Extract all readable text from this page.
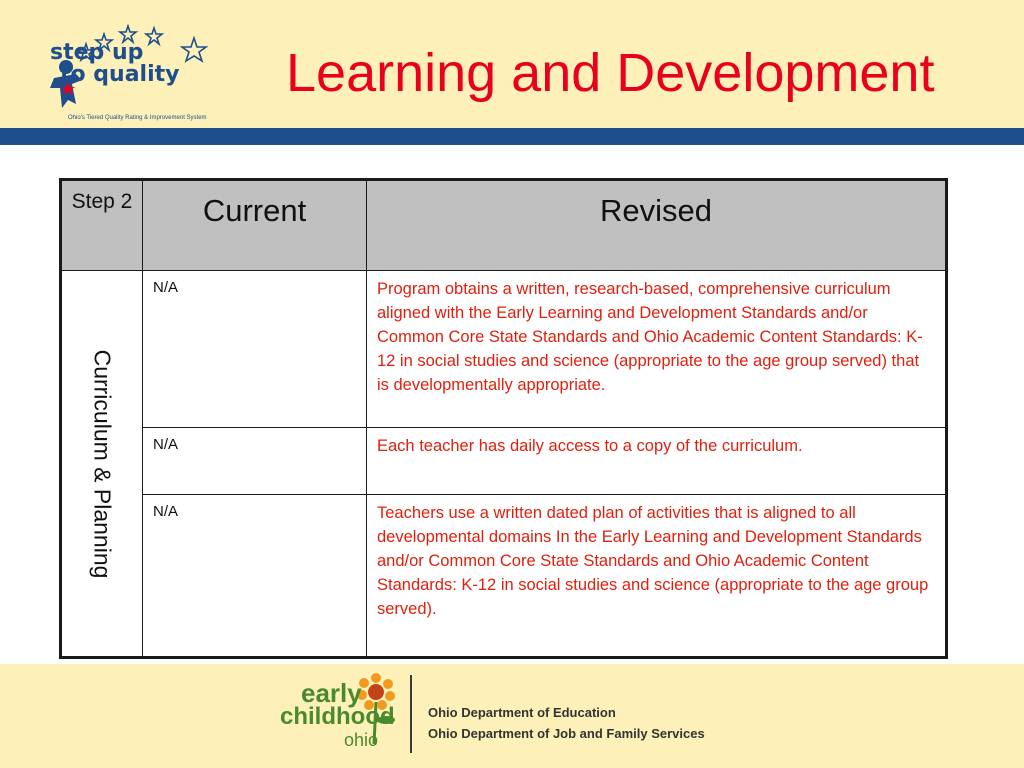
step up
to quality
Ohio's Tiered Quality Rating & Improvement System
Learning and Development
Step 2	Current	Revised

Curriculum & Planning	N/A	Program obtains a written, research-based, comprehensive curriculum aligned with the Early Learning and Development Standards and/or Common Core State Standards and Ohio Academic Content Standards: K-12 in social studies and science (appropriate to the age group served) that is developmentally appropriate.
	N/A	Each teacher has daily access to a copy of the curriculum.
	N/A	Teachers use a written dated plan of activities that is aligned to all developmental domains In the Early Learning and Development Standards and/or Common Core State Standards and Ohio Academic Content Standards: K-12 in social studies and science (appropriate to the age group served).
early
childhood
ohio
Ohio Department of Education
Ohio Department of Job and Family Services
